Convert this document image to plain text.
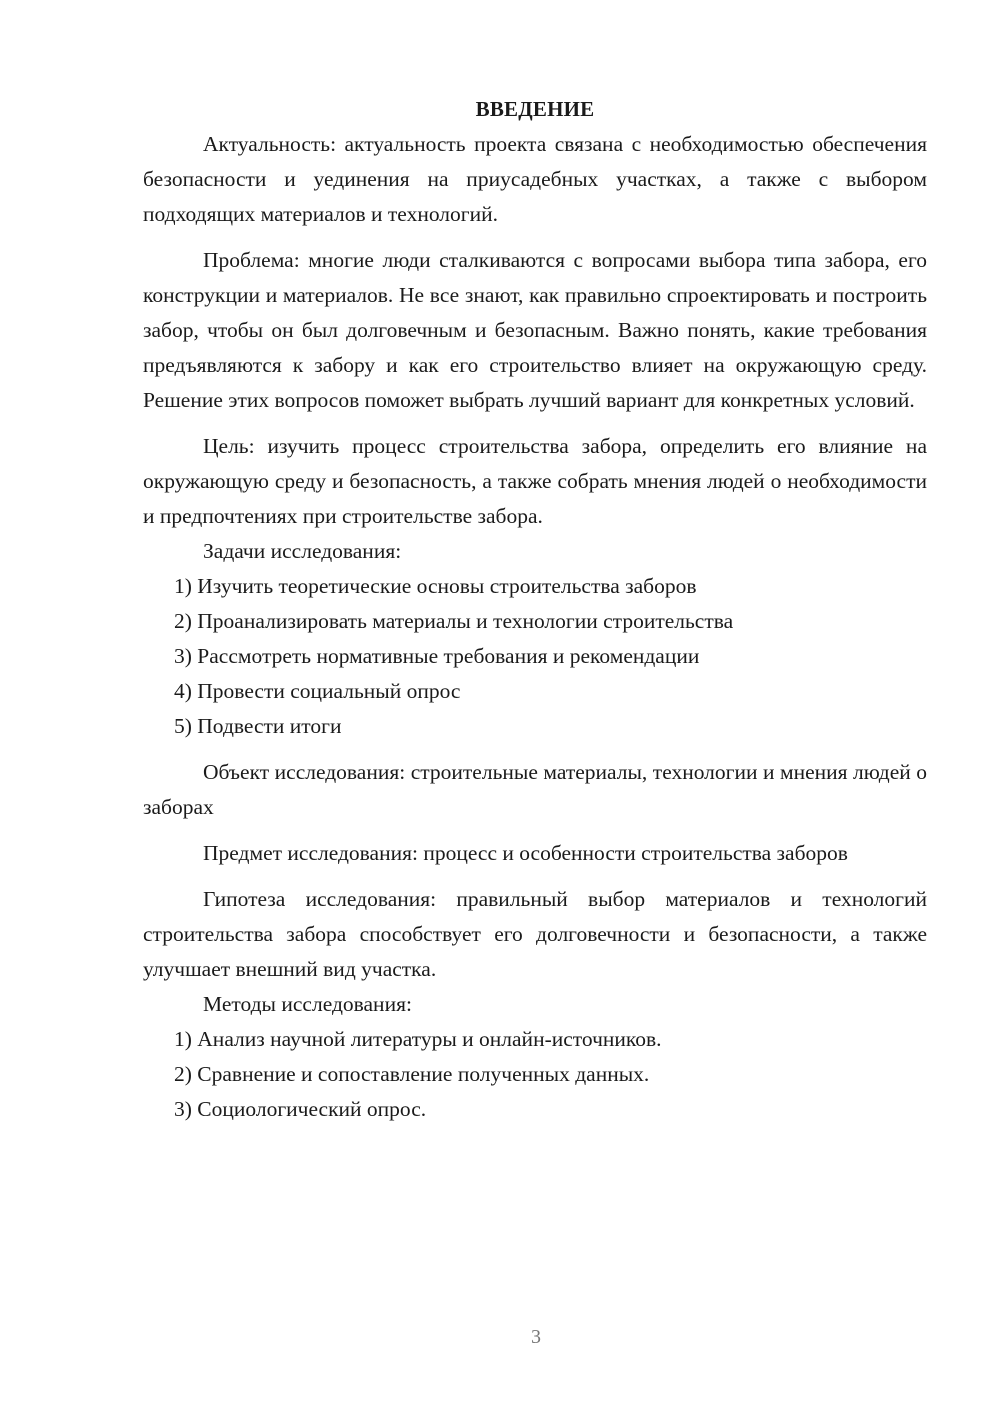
ВВЕДЕНИЕ

Актуальность: актуальность проекта связана с необходимостью обеспечения безопасности и уединения на приусадебных участках, а также с выбором подходящих материалов и технологий.

Проблема: многие люди сталкиваются с вопросами выбора типа забора, его конструкции и материалов. Не все знают, как правильно спроектировать и построить забор, чтобы он был долговечным и безопасным. Важно понять, какие требования предъявляются к забору и как его строительство влияет на окружающую среду. Решение этих вопросов поможет выбрать лучший вариант для конкретных условий.

Цель: изучить процесс строительства забора, определить его влияние на окружающую среду и безопасность, а также собрать мнения людей о необходимости и предпочтениях при строительстве забора.

Задачи исследования:

1) Изучить теоретические основы строительства заборов

2) Проанализировать материалы и технологии строительства

3) Рассмотреть нормативные требования и рекомендации

4) Провести социальный опрос

5) Подвести итоги

Объект исследования: строительные материалы, технологии и мнения людей о заборах

Предмет исследования: процесс и особенности строительства заборов

Гипотеза исследования: правильный выбор материалов и технологий строительства забора способствует его долговечности и безопасности, а также улучшает внешний вид участка.

Методы исследования:

1) Анализ научной литературы и онлайн-источников.

2) Сравнение и сопоставление полученных данных.

3) Социологический опрос.

3
